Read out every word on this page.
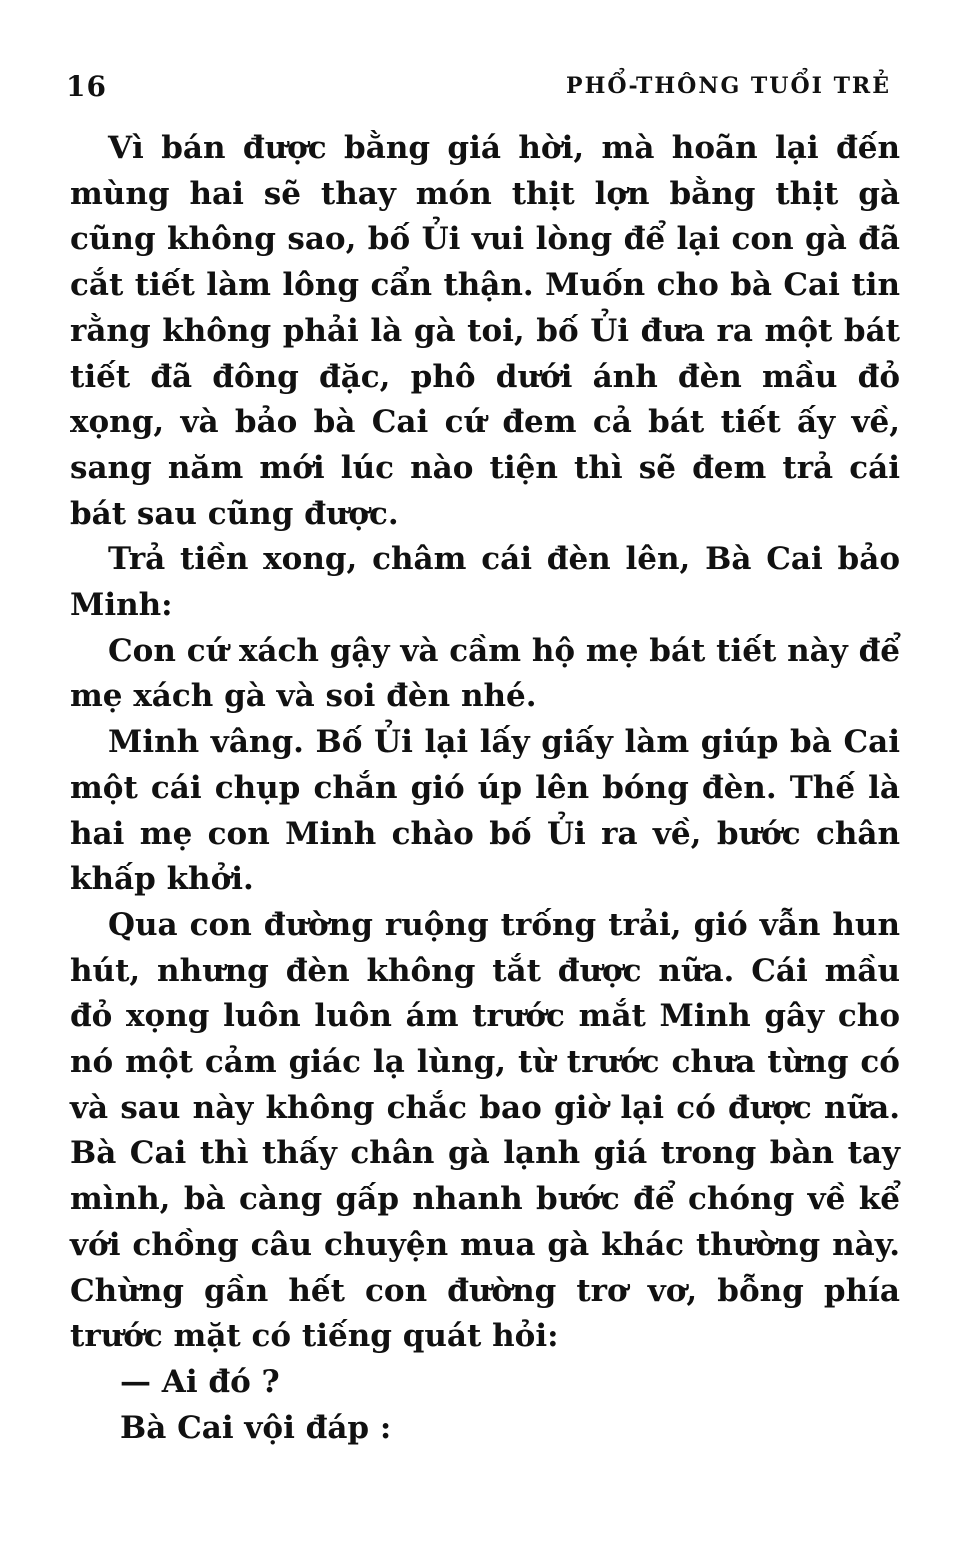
16	PHỔ-THÔNG TUỔI TRẺ

Vì bán được bằng giá hời, mà hoãn lại đến mùng hai sẽ thay món thịt lợn bằng thịt gà cũng không sao, bố Ủi vui lòng để lại con gà đã cắt tiết làm lông cẩn thận. Muốn cho bà Cai tin rằng không phải là gà toi, bố Ủi đưa ra một bát tiết đã đông đặc, phô dưới ánh đèn mầu đỏ xọng, và bảo bà Cai cứ đem cả bát tiết ấy về, sang năm mới lúc nào tiện thì sẽ đem trả cái bát sau cũng được.

Trả tiền xong, châm cái đèn lên, Bà Cai bảo Minh:

Con cứ xách gậy và cầm hộ mẹ bát tiết này để mẹ xách gà và soi đèn nhé.

Minh vâng. Bố Ủi lại lấy giấy làm giúp bà Cai một cái chụp chắn gió úp lên bóng đèn. Thế là hai mẹ con Minh chào bố Ủi ra về, bước chân khấp khởi.

Qua con đường ruộng trống trải, gió vẫn hun hút, nhưng đèn không tắt được nữa. Cái mầu đỏ xọng luôn luôn ám trước mắt Minh gây cho nó một cảm giác lạ lùng, từ trước chưa từng có và sau này không chắc bao giờ lại có được nữa. Bà Cai thì thấy chân gà lạnh giá trong bàn tay mình, bà càng gấp nhanh bước để chóng về kể với chồng câu chuyện mua gà khác thường này. Chừng gần hết con đường trơ vơ, bỗng phía trước mặt có tiếng quát hỏi:

— Ai đó ?

Bà Cai vội đáp :
